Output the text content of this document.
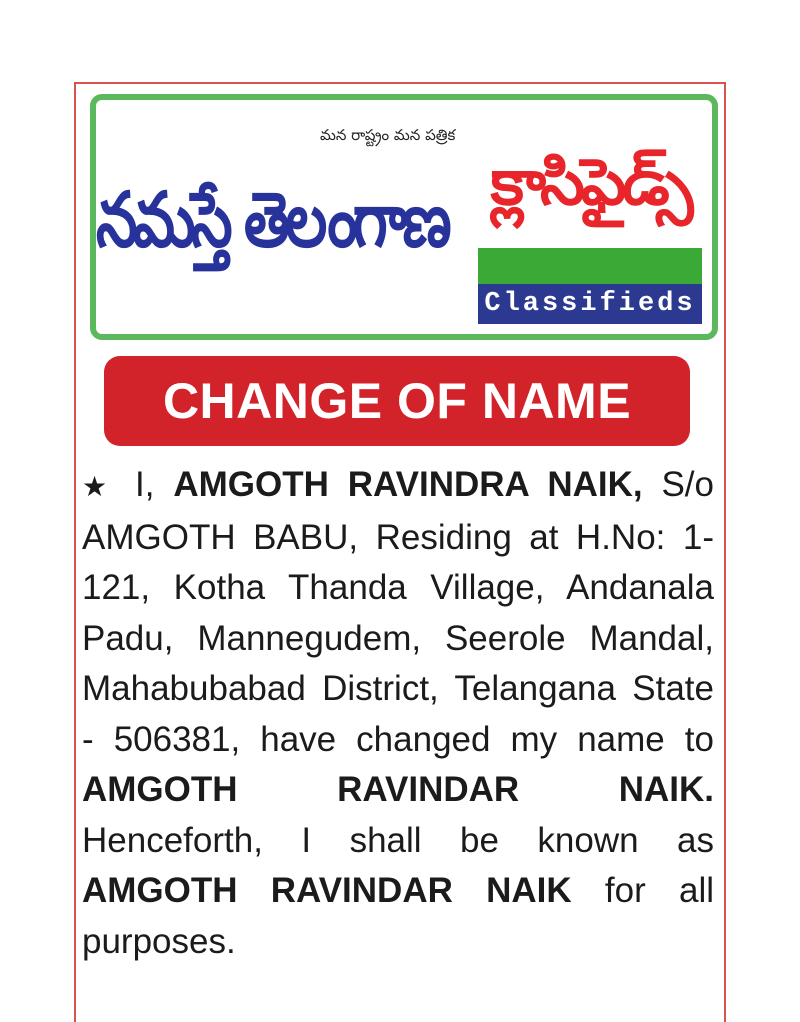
మన రాష్ట్రం మన పత్రిక
నమస్తే తెలంగాణ క్లాసిఫైడ్స్
Classifieds
CHANGE OF NAME

★ I, AMGOTH RAVINDRA NAIK, S/o AMGOTH BABU, Residing at H.No: 1-121, Kotha Thanda Village, Andanala Padu, Mannegudem, Seerole Mandal, Mahabubabad District, Telangana State - 506381, have changed my name to AMGOTH RAVINDAR NAIK. Henceforth, I shall be known as AMGOTH RAVINDAR NAIK for all purposes.
